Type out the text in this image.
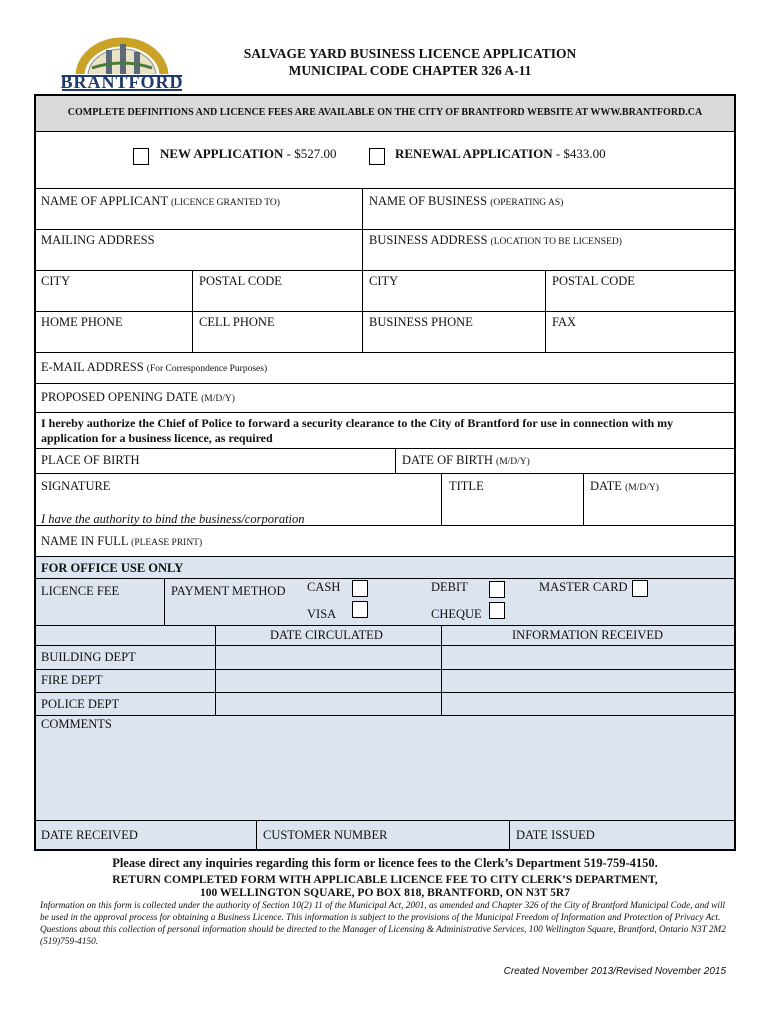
BRANTFORD
SALVAGE YARD BUSINESS LICENCE APPLICATION
MUNICIPAL CODE CHAPTER 326 A-11
COMPLETE DEFINITIONS AND LICENCE FEES ARE AVAILABLE ON THE CITY OF BRANTFORD WEBSITE AT WWW.BRANTFORD.CA
NEW APPLICATION - $527.00	RENEWAL APPLICATION - $433.00
NAME OF APPLICANT (LICENCE GRANTED TO)	NAME OF BUSINESS (OPERATING AS)
MAILING ADDRESS	BUSINESS ADDRESS (LOCATION TO BE LICENSED)
CITY	POSTAL CODE	CITY	POSTAL CODE
HOME PHONE	CELL PHONE	BUSINESS PHONE	FAX
E-MAIL ADDRESS (For Correspondence Purposes)
PROPOSED OPENING DATE (M/D/Y)
I hereby authorize the Chief of Police to forward a security clearance to the City of Brantford for use in connection with my
application for a business licence, as required
PLACE OF BIRTH	DATE OF BIRTH (M/D/Y)
SIGNATURE	TITLE	DATE (M/D/Y)
I have the authority to bind the business/corporation
NAME IN FULL (PLEASE PRINT)
FOR OFFICE USE ONLY
LICENCE FEE	PAYMENT METHOD CASH	DEBIT	MASTER CARD
VISA	CHEQUE
DATE CIRCULATED	INFORMATION RECEIVED
BUILDING DEPT
FIRE DEPT
POLICE DEPT
COMMENTS
DATE RECEIVED	CUSTOMER NUMBER	DATE ISSUED
Please direct any inquiries regarding this form or licence fees to the Clerk’s Department 519-759-4150.
RETURN COMPLETED FORM WITH APPLICABLE LICENCE FEE TO CITY CLERK’S DEPARTMENT,
100 WELLINGTON SQUARE, PO BOX 818, BRANTFORD, ON N3T 5R7
Information on this form is collected under the authority of Section 10(2) 11 of the Municipal Act, 2001, as amended and Chapter 326 of the City of Brantford Municipal Code, and will be used in the approval process for obtaining a Business Licence. This information is subject to the provisions of the Municipal Freedom of Information and Protection of Privacy Act. Questions about this collection of personal information should be directed to the Manager of Licensing & Administrative Services, 100 Wellington Square, Brantford, Ontario N3T 2M2 (519)759-4150.
Created November 2013/Revised November 2015
